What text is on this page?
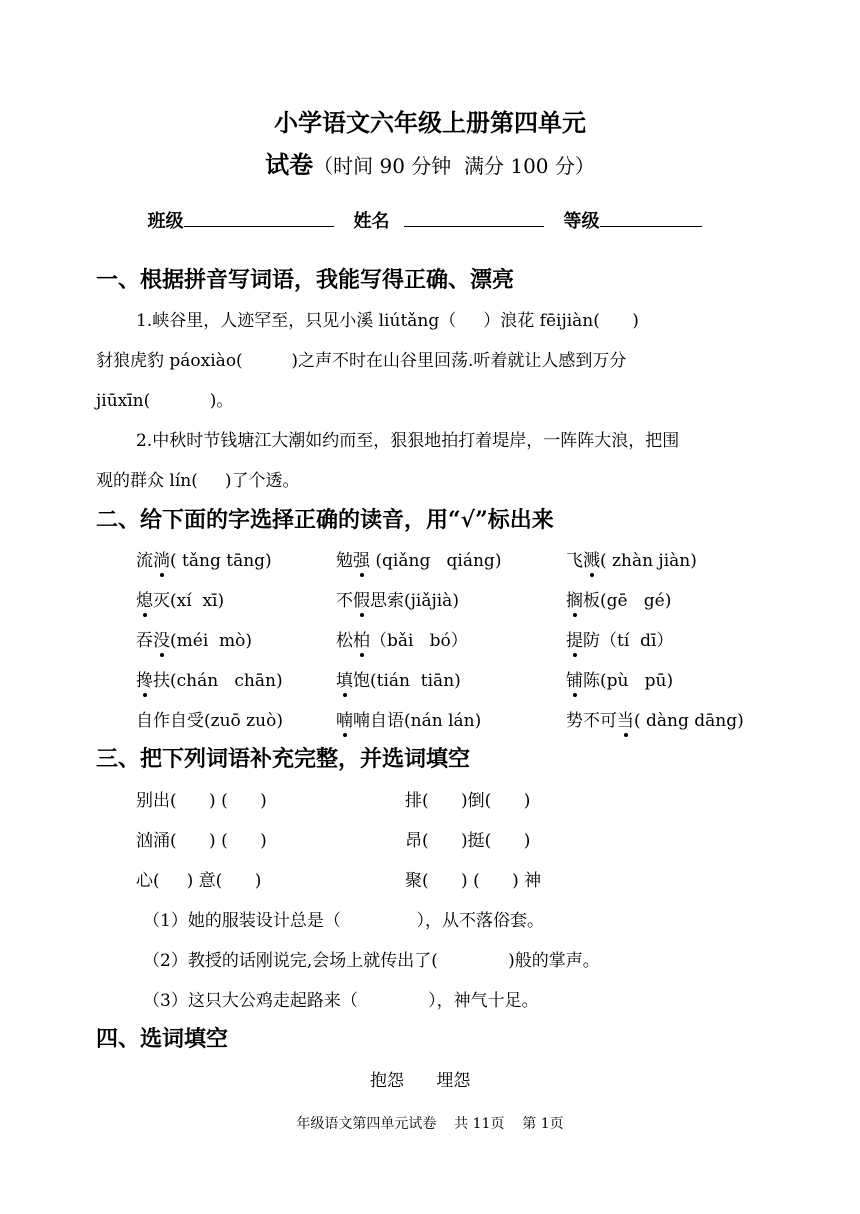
小学语文六年级上册第四单元
试卷（时间 90 分钟  满分 100 分）

班级	姓名	等级

一、根据拼音写词语，我能写得正确、漂亮
1.峡谷里，人迹罕至，只见小溪 liútǎng（     ）浪花 fēijiàn(      )
豺狼虎豹 páoxiào(         )之声不时在山谷里回荡.听着就让人感到万分
jiūxīn(           )。
2.中秋时节钱塘江大潮如约而至，狠狠地拍打着堤岸，一阵阵大浪，把围
观的群众 lín(     )了个透。
二、给下面的字选择正确的读音，用“√”标出来
流淌( tǎng tāng)	勉强 (qiǎng   qiáng)	飞溅( zhàn jiàn)
熄灭(xí  xī)	不假思索(jiǎjià)	搁板(gē   gé)
吞没(méi  mò)	松柏（bǎi   bó）	提防（tí  dī）
搀扶(chán   chān)	填饱(tián  tiān)	铺陈(pù   pū)
自作自受(zuō zuò)	喃喃自语(nán lán)	势不可当( dàng dāng)
三、把下列词语补充完整，并选词填空
别出(      ) (      )	排(      )倒(      )
汹涌(      ) (      )	昂(      )挺(      )
心(     ) 意(      )	聚(      ) (      ) 神
（1）她的服装设计总是（              ），从不落俗套。
（2）教授的话刚说完,会场上就传出了(             )般的掌声。
（3）这只大公鸡走起路来（             ），神气十足。
四、选词填空
抱怨      埋怨
年级语文第四单元试卷    共 11页    第 1页
